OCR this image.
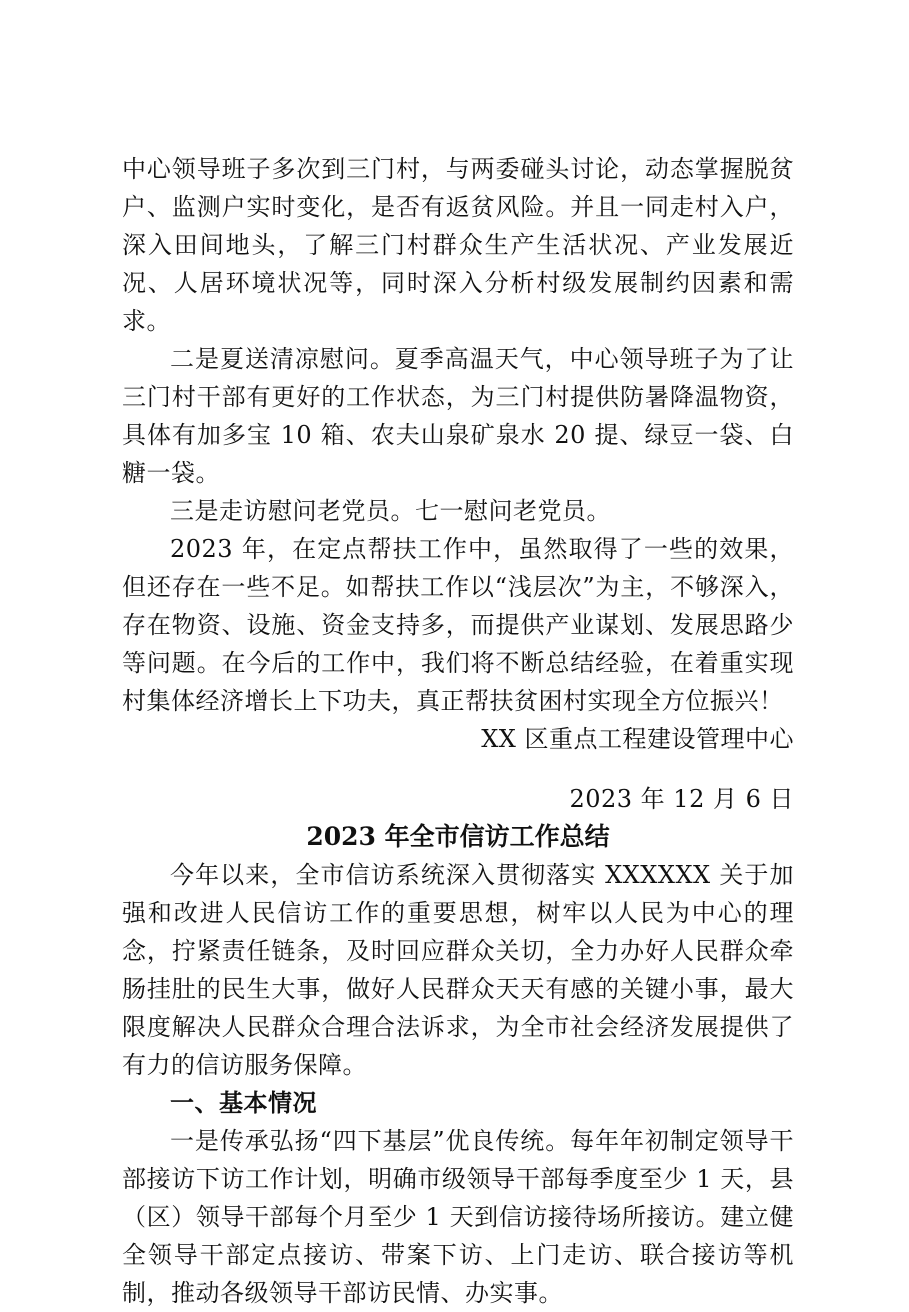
中心领导班子多次到三门村，与两委碰头讨论，动态掌握脱贫户、监测户实时变化，是否有返贫风险。并且一同走村入户，深入田间地头，了解三门村群众生产生活状况、产业发展近况、人居环境状况等，同时深入分析村级发展制约因素和需求。

二是夏送清凉慰问。夏季高温天气，中心领导班子为了让三门村干部有更好的工作状态，为三门村提供防暑降温物资，具体有加多宝 10 箱、农夫山泉矿泉水 20 提、绿豆一袋、白糖一袋。

三是走访慰问老党员。七一慰问老党员。

2023 年，在定点帮扶工作中，虽然取得了一些的效果，但还存在一些不足。如帮扶工作以“浅层次”为主，不够深入，存在物资、设施、资金支持多，而提供产业谋划、发展思路少等问题。在今后的工作中，我们将不断总结经验，在着重实现村集体经济增长上下功夫，真正帮扶贫困村实现全方位振兴！

XX 区重点工程建设管理中心

2023 年 12 月 6 日

2023 年全市信访工作总结

今年以来，全市信访系统深入贯彻落实 XXXXXX 关于加强和改进人民信访工作的重要思想，树牢以人民为中心的理念，拧紧责任链条，及时回应群众关切，全力办好人民群众牵肠挂肚的民生大事，做好人民群众天天有感的关键小事，最大限度解决人民群众合理合法诉求，为全市社会经济发展提供了有力的信访服务保障。

一、基本情况

一是传承弘扬“四下基层”优良传统。每年年初制定领导干部接访下访工作计划，明确市级领导干部每季度至少 1 天，县（区）领导干部每个月至少 1 天到信访接待场所接访。建立健全领导干部定点接访、带案下访、上门走访、联合接访等机制，推动各级领导干部访民情、办实事。
